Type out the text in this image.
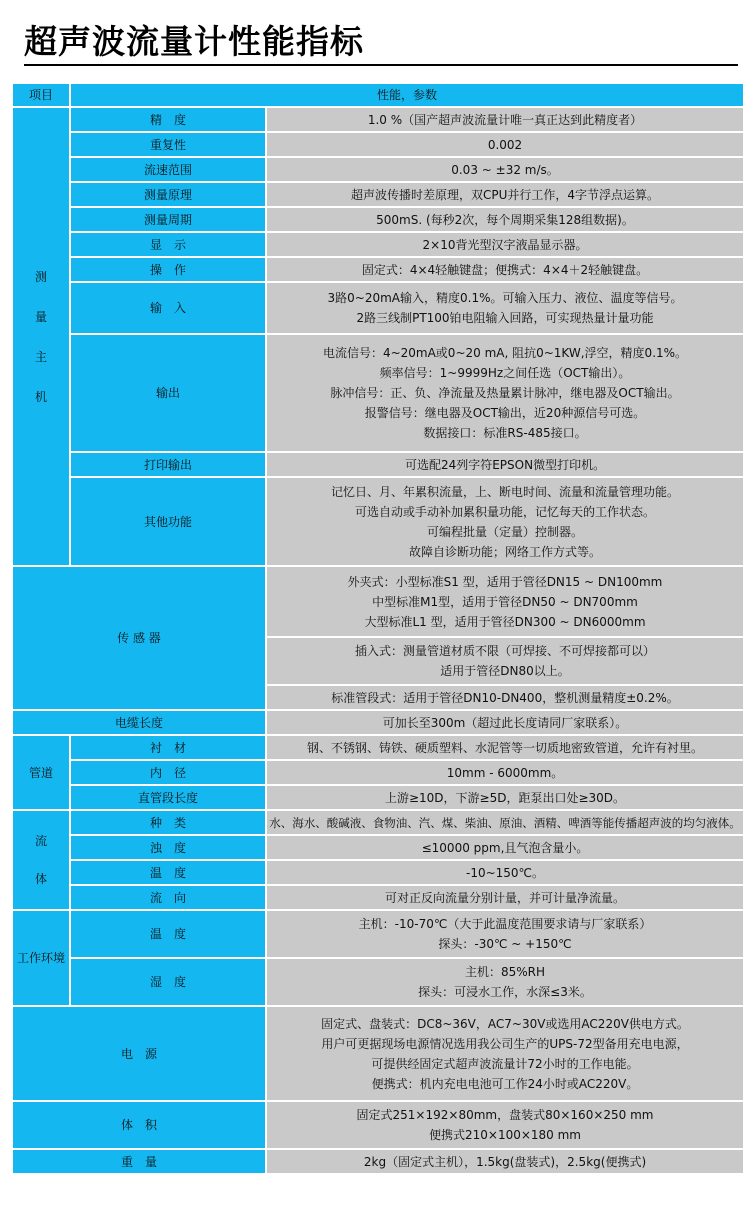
超声波流量计性能指标
项目	性能，参数	

测
量
主
机	精　度	1.0 %（国产超声波流量计唯一真正达到此精度者）
	重复性	0.002
	流速范围	0.03 ~ ±32 m/s。
	测量原理	超声波传播时差原理，双CPU并行工作，4字节浮点运算。
	测量周期	500mS. (每秒2次，每个周期采集128组数据)。
	显　示	2×10背光型汉字液晶显示器。
	操　作	固定式：4×4轻触键盘；便携式：4×4＋2轻触键盘。
	输　入	3路0~20mA输入，精度0.1%。可输入压力、液位、温度等信号。
2路三线制PT100铂电阻输入回路，可实现热量计量功能
	输出	电流信号：4~20mA或0~20 mA, 阻抗0~1KW,浮空，精度0.1%。
频率信号：1~9999Hz之间任选（OCT输出）。
脉冲信号：正、负、净流量及热量累计脉冲，继电器及OCT输出。
报警信号：继电器及OCT输出，近20种源信号可选。
数据接口：标准RS-485接口。
	打印输出	可选配24列字符EPSON微型打印机。
	其他功能	记忆日、月、年累积流量，上、断电时间、流量和流量管理功能。
可选自动或手动补加累积量功能，记忆每天的工作状态。
可编程批量（定量）控制器。
故障自诊断功能；网络工作方式等。
传 感 器		外夹式：小型标准S1 型，适用于管径DN15 ~ DN100mm
中型标准M1型，适用于管径DN50 ~ DN700mm
大型标准L1 型，适用于管径DN300 ~ DN6000mm
		插入式：测量管道材质不限（可焊接、不可焊接都可以）
适用于管径DN80以上。
		标准管段式：适用于管径DN10-DN400，整机测量精度±0.2%。
电缆长度		可加长至300m（超过此长度请同厂家联系）。
管道	衬　材	钢、不锈钢、铸铁、硬质塑料、水泥管等一切质地密致管道，允许有衬里。
	内　径	10mm - 6000mm。
	直管段长度	上游≥10D，下游≥5D，距泵出口处≥30D。

流
体	种　类	水、海水、酸碱液、食物油、汽、煤、柴油、原油、酒精、啤酒等能传播超声波的均匀液体。
	浊　度	≤10000 ppm,且气泡含量小。
	温　度	-10~150℃。
	流　向	可对正反向流量分别计量，并可计量净流量。
工作环境	温　度	主机：-10-70℃（大于此温度范围要求请与厂家联系）
探头：-30℃ ~ +150℃
	湿　度	主机：85%RH
探头：可浸水工作，水深≤3米。
电　源		固定式、盘装式：DC8~36V，AC7~30V或选用AC220V供电方式。
用户可更据现场电源情况选用我公司生产的UPS-72型备用充电电源，
可提供经固定式超声波流量计72小时的工作电能。
便携式：机内充电电池可工作24小时或AC220V。
体　积		固定式251×192×80mm，盘装式80×160×250 mm
便携式210×100×180 mm
重　量		2kg（固定式主机），1.5kg(盘装式)，2.5kg(便携式)
